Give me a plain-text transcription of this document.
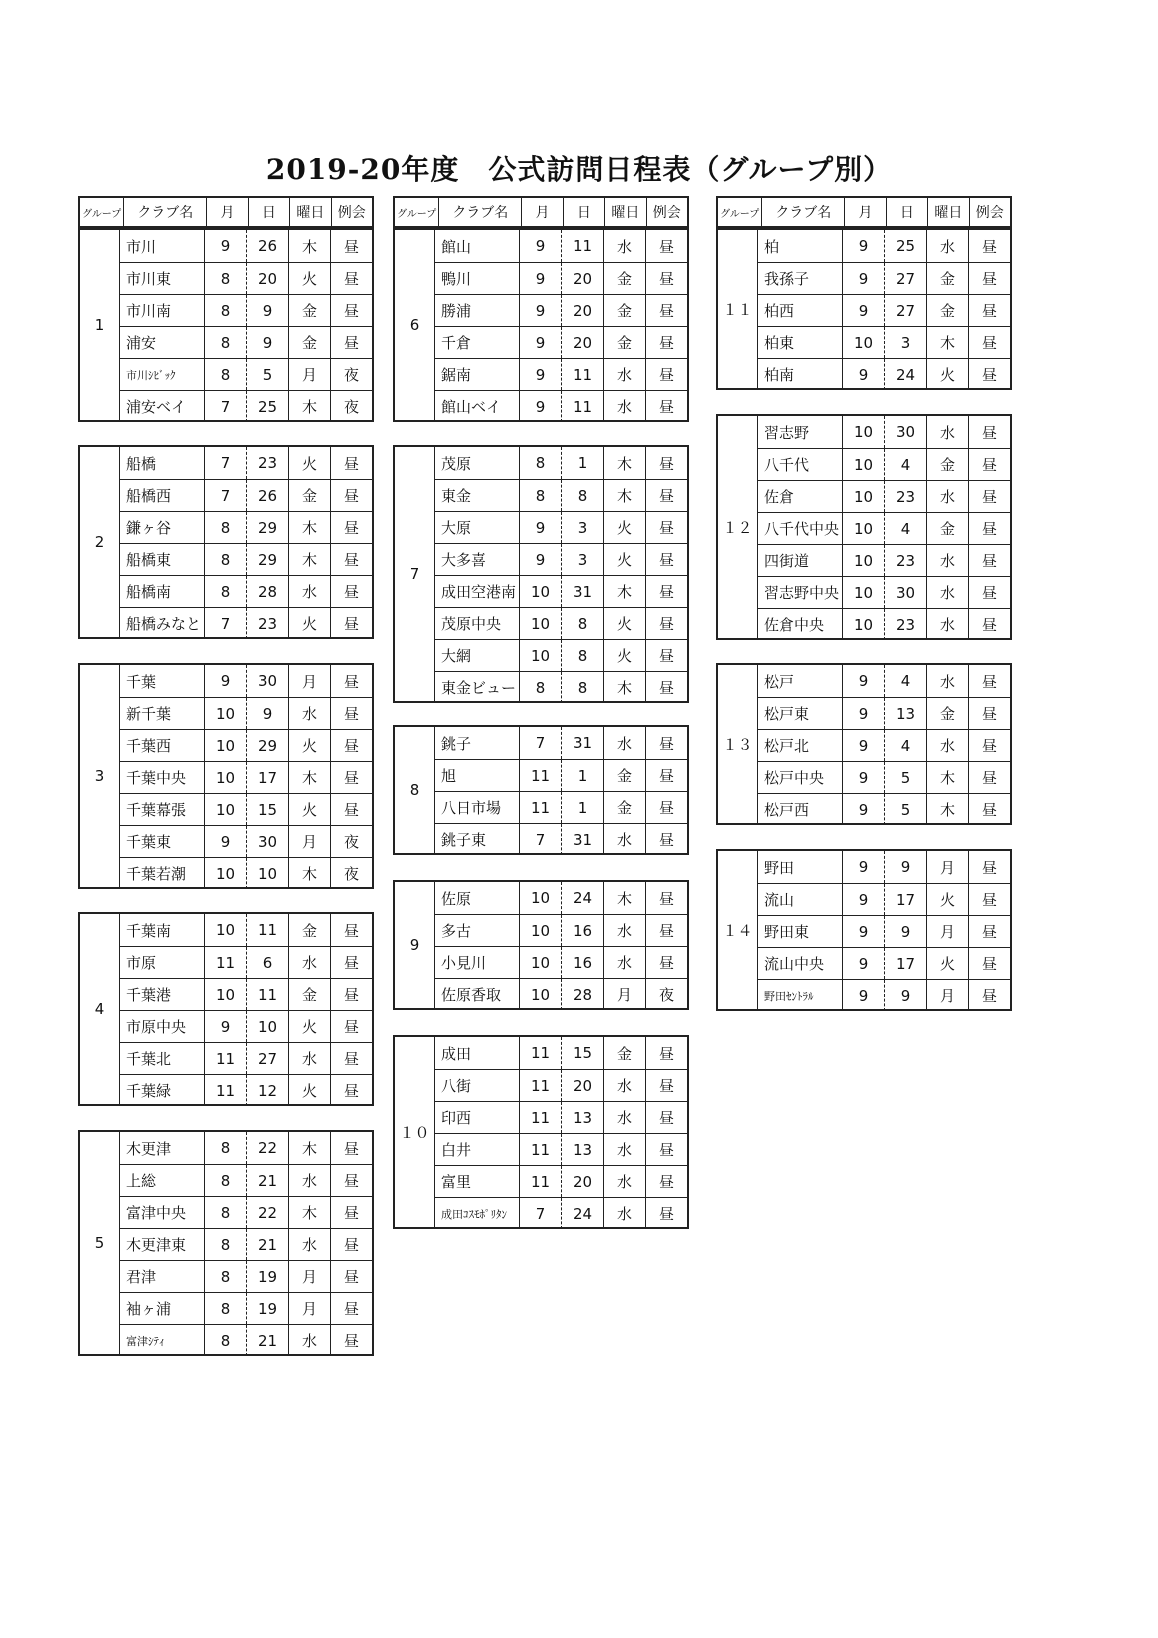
2019-20年度　公式訪問日程表（グループ別）
グループ	クラブ名	月	日	曜日 例会
1
市川	9	26	木	昼
市川東	8	20	火	昼
市川南	8	9	金	昼
浦安	8	9	金	昼
市川ｼﾋﾞｯｸ	8	5	月	夜
浦安ベイ	7	25	木	夜
2
船橋	7	23	火	昼
船橋西	7	26	金	昼
鎌ヶ谷	8	29	木	昼
船橋東	8	29	木	昼
船橋南	8	28	水	昼
船橋みなと	7	23	火	昼
3
千葉	9	30	月	昼
新千葉	10	9	水	昼
千葉西	10	29	火	昼
千葉中央	10	17	木	昼
千葉幕張	10	15	火	昼
千葉東	9	30	月	夜
千葉若潮	10	10	木	夜
4
千葉南	10	11	金	昼
市原	11	6	水	昼
千葉港	10	11	金	昼
市原中央	9	10	火	昼
千葉北	11	27	水	昼
千葉緑	11	12	火	昼
5
木更津	8	22	木	昼
上総	8	21	水	昼
富津中央	8	22	木	昼
木更津東	8	21	水	昼
君津	8	19	月	昼
袖ヶ浦	8	19	月	昼
富津ｼﾃｨ	8	21	水	昼
グループ	クラブ名	月	日	曜日 例会
6
館山	9	11	水	昼
鴨川	9	20	金	昼
勝浦	9	20	金	昼
千倉	9	20	金	昼
鋸南	9	11	水	昼
館山ベイ	9	11	水	昼
7
茂原	8	1	木	昼
東金	8	8	木	昼
大原	9	3	火	昼
大多喜	9	3	火	昼
成田空港南 10	31	木	昼
茂原中央	10	8	火	昼
大網	10	8	火	昼
東金ビュー	8	8	木	昼
8
銚子	7	31	水	昼
旭	11	1	金	昼
八日市場	11	1	金	昼
銚子東	7	31	水	昼
9
佐原	10	24	木	昼
多古	10	16	水	昼
小見川	10	16	水	昼
佐原香取	10	28	月	夜
１０
成田	11	15	金	昼
八街	11	20	水	昼
印西	11	13	水	昼
白井	11	13	水	昼
富里	11	20	水	昼
成田ｺｽﾓﾎﾟﾘﾀﾝ	7	24	水	昼
グループ	クラブ名	月	日	曜日 例会
１１
柏	9	25	水	昼
我孫子	9	27	金	昼
柏西	9	27	金	昼
柏東	10	3	木	昼
柏南	9	24	火	昼
１２
習志野	10	30	水	昼
八千代	10	4	金	昼
佐倉	10	23	水	昼
八千代中央 10	4	金	昼
四街道	10	23	水	昼
習志野中央 10	30	水	昼
佐倉中央	10	23	水	昼
１３
松戸	9	4	水	昼
松戸東	9	13	金	昼
松戸北	9	4	水	昼
松戸中央	9	5	木	昼
松戸西	9	5	木	昼
１４
野田	9	9	月	昼
流山	9	17	火	昼
野田東	9	9	月	昼
流山中央	9	17	火	昼
野田ｾﾝﾄﾗﾙ	9	9	月	昼
